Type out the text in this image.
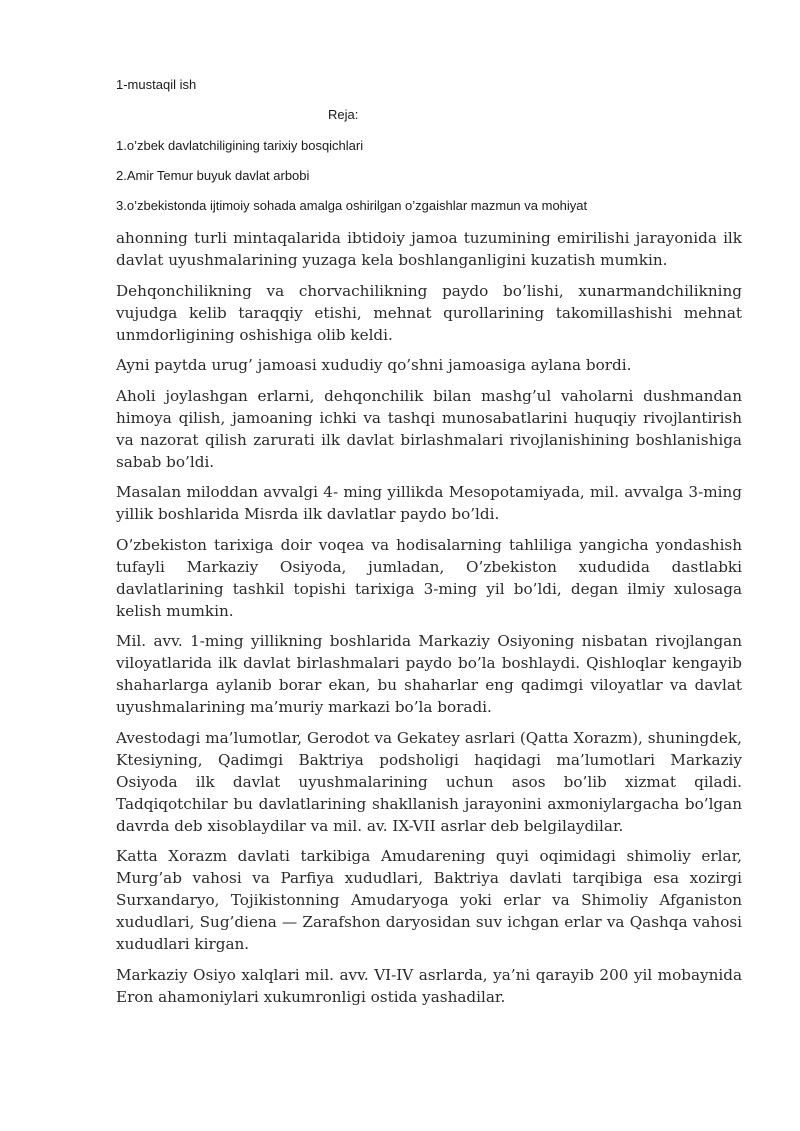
1-mustaqil ish
Reja:
1.o’zbek davlatchiligining tarixiy bosqichlari
2.Amir Temur buyuk davlat arbobi
3.o’zbekistonda ijtimoiy sohada amalga oshirilgan o’zgaishlar mazmun va mohiyat

ahonning turli mintaqalarida ibtidoiy jamoa tuzumining emirilishi jarayonida ilk davlat uyushmalarining yuzaga kela boshlanganligini kuzatish mumkin.

Dehqonchilikning va chorvachilikning paydo bo’lishi, xunarmandchilikning vujudga kelib taraqqiy etishi, mehnat qurollarining takomillashishi mehnat unmdorligining oshishiga olib keldi.

Ayni paytda urug’ jamoasi xududiy qo’shni jamoasiga aylana bordi.

Aholi joylashgan erlarni, dehqonchilik bilan mashg’ul vaholarni dushmandan himoya qilish, jamoaning ichki va tashqi munosabatlarini huquqiy rivojlantirish va nazorat qilish zarurati ilk davlat birlashmalari rivojlanishining boshlanishiga sabab bo’ldi.

Masalan miloddan avvalgi 4- ming yillikda Mesopotamiyada, mil. avvalga 3-ming yillik boshlarida Misrda ilk davlatlar paydo bo’ldi.

O’zbekiston tarixiga doir voqea va hodisalarning tahliliga yangicha yondashish tufayli Markaziy Osiyoda, jumladan, O’zbekiston xududida dastlabki davlatlarining tashkil topishi tarixiga 3-ming yil bo’ldi, degan ilmiy xulosaga kelish mumkin.

Mil. avv. 1-ming yillikning boshlarida Markaziy Osiyoning nisbatan rivojlangan viloyatlarida ilk davlat birlashmalari paydo bo’la boshlaydi. Qishloqlar kengayib shaharlarga aylanib borar ekan, bu shaharlar eng qadimgi viloyatlar va davlat uyushmalarining ma’muriy markazi bo’la boradi.

Avestodagi ma’lumotlar, Gerodot va Gekatey asrlari (Qatta Xorazm), shuningdek, Ktesiyning, Qadimgi Baktriya podsholigi haqidagi ma’lumotlari Markaziy Osiyoda ilk davlat uyushmalarining uchun asos bo’lib xizmat qiladi. Tadqiqotchilar bu davlatlarining shakllanish jarayonini axmoniylargacha bo’lgan davrda deb xisoblaydilar va mil. av. IX-VII asrlar deb belgilaydilar.

Katta Xorazm davlati tarkibiga Amudarening quyi oqimidagi shimoliy erlar, Murg’ab vahosi va Parfiya xududlari, Baktriya davlati tarqibiga esa xozirgi Surxandaryo, Tojikistonning Amudaryoga yoki erlar va Shimoliy Afganiston xududlari, Sug’diena — Zarafshon daryosidan suv ichgan erlar va Qashqa vahosi xududlari kirgan.

Markaziy Osiyo xalqlari mil. avv. VI-IV asrlarda, ya’ni qarayib 200 yil mobaynida Eron ahamoniylari xukumronligi ostida yashadilar.
